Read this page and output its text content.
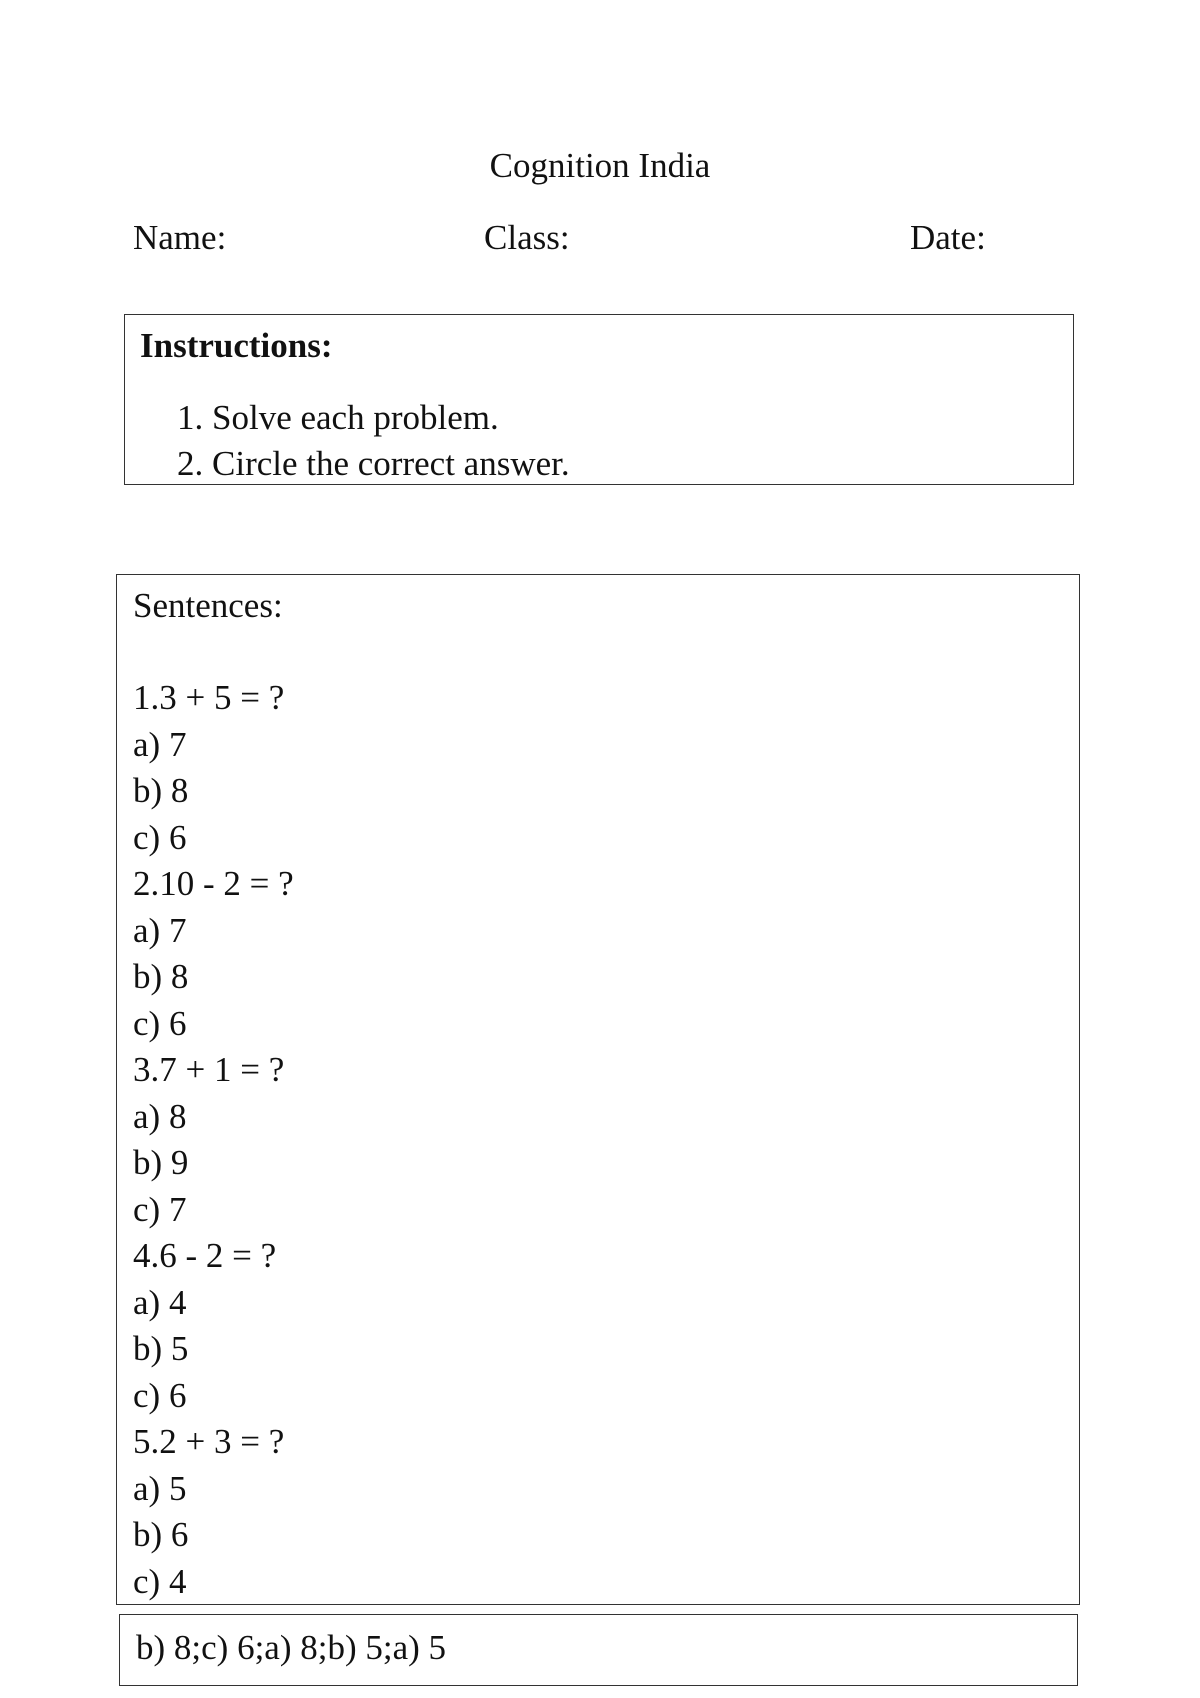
Cognition India
Name:	Class:	Date:
Instructions:
1. Solve each problem.
2. Circle the correct answer.
Sentences:
1.3 + 5 = ?
a) 7
b) 8
c) 6
2.10 - 2 = ?
a) 7
b) 8
c) 6
3.7 + 1 = ?
a) 8
b) 9
c) 7
4.6 - 2 = ?
a) 4
b) 5
c) 6
5.2 + 3 = ?
a) 5
b) 6
c) 4
b) 8;c) 6;a) 8;b) 5;a) 5
